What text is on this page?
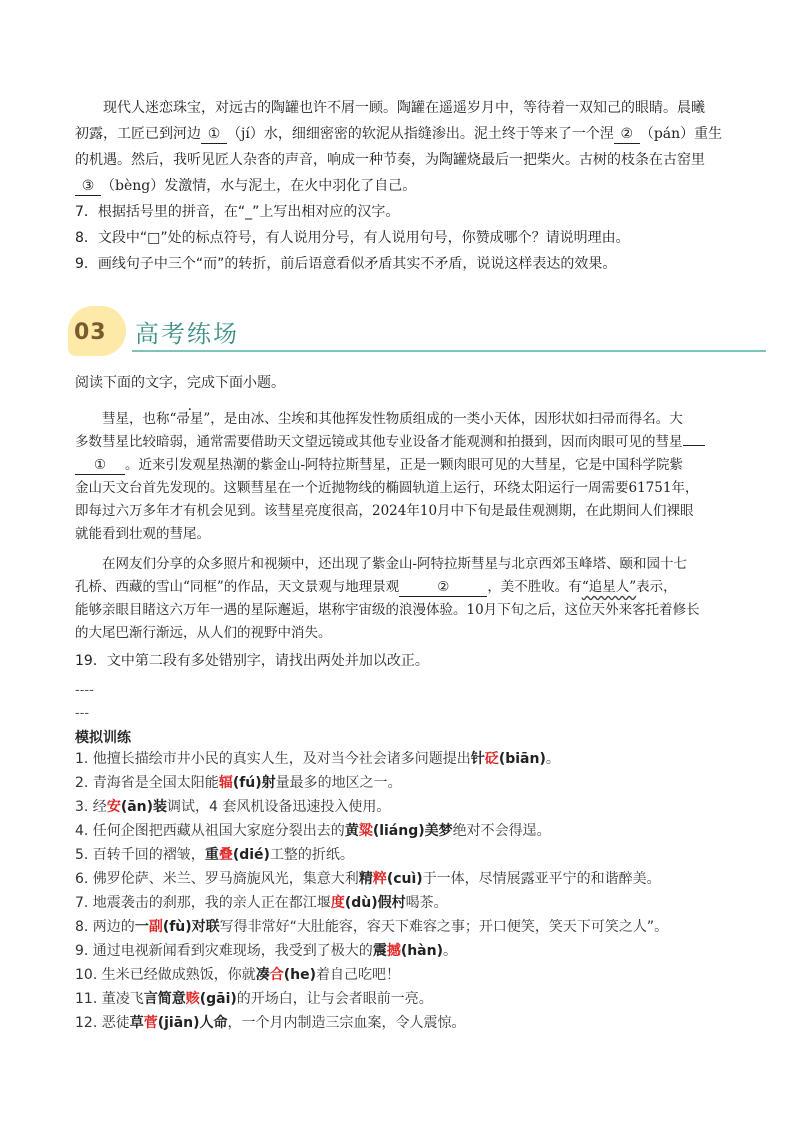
　　现代人迷恋珠宝，对远古的陶罐也许不屑一顾。陶罐在遥遥岁月中，等待着一双知己的眼睛。晨曦
初露，工匠已到河边 ① （jí）水，细细密密的软泥从指缝渗出。泥土终于等来了一个涅 ② （pán）重生
的机遇。然后，我听见匠人杂沓的声音，响成一种节奏，为陶罐烧最后一把柴火。古树的枝条在古窑里
③ （bèng）发激情，水与泥土，在火中羽化了自己。
7．根据括号里的拼音，在“_”上写出相对应的汉字。
8．文段中“□”处的标点符号，有人说用分号，有人说用句号，你赞成哪个？请说明理由。
9．画线句子中三个“而”的转折，前后语意看似矛盾其实不矛盾，说说这样表达的效果。
03 高考练场
阅读下面的文字，完成下面小题。
　　彗星，也称“帚星”，是由冰、尘埃和其他挥发性物质组成的一类小天体，因形状如扫帚而得名。大
多数彗星比较暗弱，通常需要借助天文望远镜或其他专业设备才能观测和拍摄到，因而肉眼可见的彗星
① 。近来引发观星热潮的紫金山-阿特拉斯彗星，正是一颗肉眼可见的大彗星，它是中国科学院紫
金山天文台首先发现的。这颗彗星在一个近抛物线的椭圆轨道上运行，环绕太阳运行一周需要61751年，
即每过六万多年才有机会见到。该彗星亮度很高，2024年10月中下旬是最佳观测期，在此期间人们裸眼
就能看到壮观的彗尾。
　　在网友们分享的众多照片和视频中，还出现了紫金山-阿特拉斯彗星与北京西郊玉峰塔、颐和园十七
孔桥、西藏的雪山“同框”的作品，天文景观与地理景观	②	，美不胜收。有“追星人”表示，
能够亲眼目睹这六万年一遇的星际邂逅，堪称宇宙级的浪漫体验。10月下旬之后，这位天外来客托着修长
的大尾巴渐行渐远，从人们的视野中消失。
19．文中第二段有多处错别字，请找出两处并加以改正。
----
---
模拟训练
1. 他擅长描绘市井小民的真实人生，及对当今社会诸多问题提出针砭(biān)。
2. 青海省是全国太阳能辐(fú)射量最多的地区之一。
3. 经安(ān)装调试，4 套风机设备迅速投入使用。
4. 任何企图把西藏从祖国大家庭分裂出去的黄粱(liáng)美梦绝对不会得逞。
5. 百转千回的褶皱，重叠(dié)工整的折纸。
6. 佛罗伦萨、米兰、罗马旖旎风光，集意大利精粹(cuì)于一体，尽情展露亚平宁的和谐醉美。
7. 地震袭击的刹那，我的亲人正在都江堰度(dù)假村喝茶。
8. 两边的一副(fù)对联写得非常好“大肚能容，容天下难容之事；开口便笑，笑天下可笑之人”。
9. 通过电视新闻看到灾难现场，我受到了极大的震撼(hàn)。
10. 生米已经做成熟饭，你就凑合(he)着自己吃吧！
11. 董凌飞言简意赅(gāi)的开场白，让与会者眼前一亮。
12. 恶徒草菅(jiān)人命，一个月内制造三宗血案，令人震惊。
